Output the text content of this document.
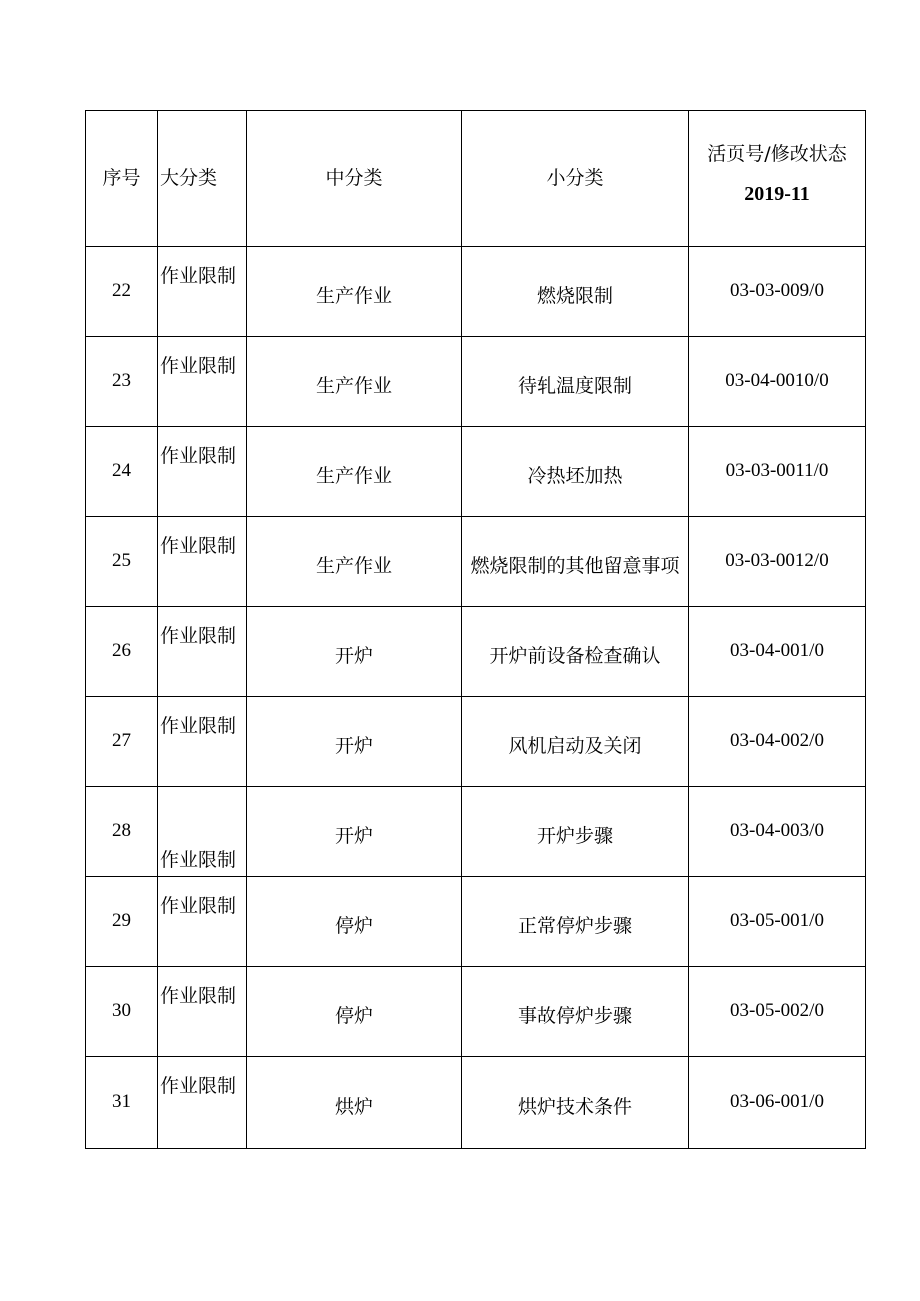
序号	大分类	中分类	小分类	活页号/修改状态
2019-11

22	作业限制	生产作业	燃烧限制	03-03-009/0
23	作业限制	生产作业	待轧温度限制	03-04-0010/0
24	作业限制	生产作业	冷热坯加热	03-03-0011/0
25	作业限制	生产作业	燃烧限制的其他留意事项	03-03-0012/0
26	作业限制	开炉	开炉前设备检查确认	03-04-001/0
27	作业限制	开炉	风机启动及关闭	03-04-002/0
28	作业限制	开炉	开炉步骤	03-04-003/0
29	作业限制	停炉	正常停炉步骤	03-05-001/0
30	作业限制	停炉	事故停炉步骤	03-05-002/0
31	作业限制	烘炉	烘炉技术条件	03-06-001/0
